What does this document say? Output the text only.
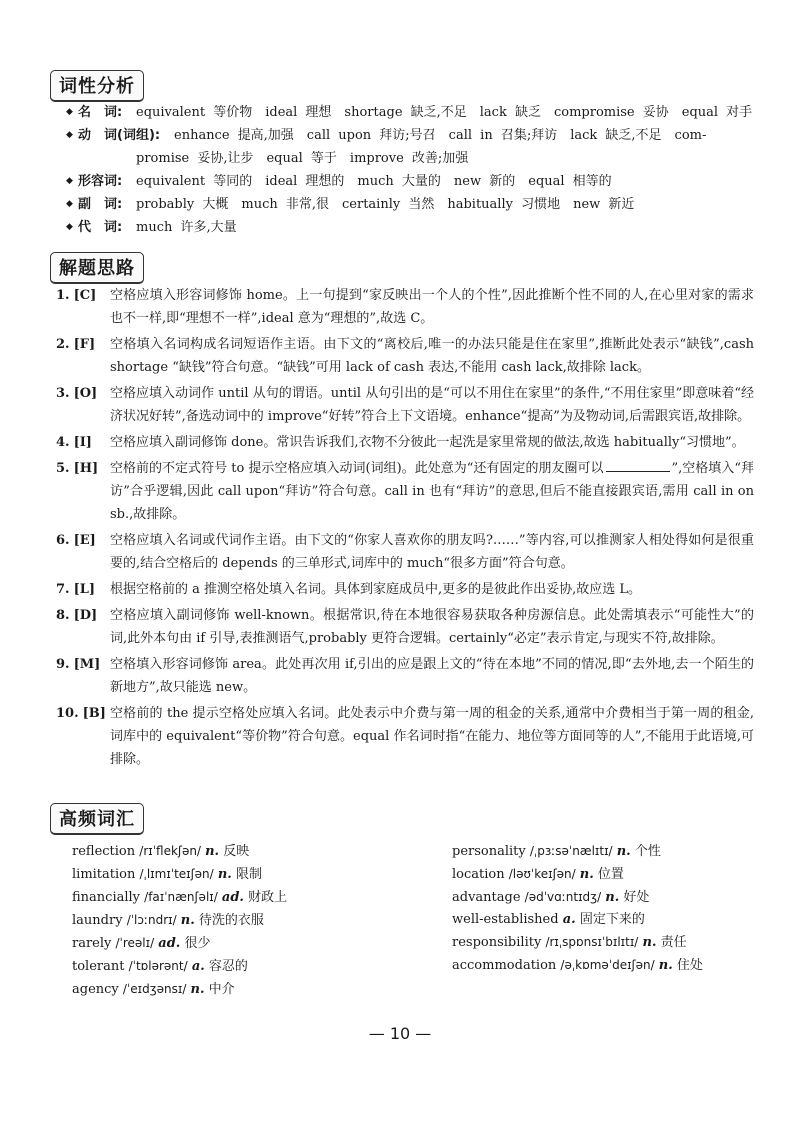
词性分析
◆ 名　词:	equivalent 等价物　ideal 理想　shortage 缺乏,不足　lack 缺乏　compromise 妥协　equal 对手
◆ 动　词(词组):	enhance 提高,加强　call upon 拜访;号召　call in 召集;拜访　lack 缺乏,不足　com-
promise 妥协,让步　equal 等于　improve 改善;加强
◆ 形容词:	equivalent 等同的　ideal 理想的　much 大量的　new 新的　equal 相等的
◆ 副　词:	probably 大概　much 非常,很　certainly 当然　habitually 习惯地　new 新近
◆ 代　词:	much 许多,大量
解题思路
1. [C]	空格应填入形容词修饰 home。上一句提到“家反映出一个人的个性”,因此推断个性不同的人,在心里对家的需求也不一样,即“理想不一样”,ideal 意为“理想的”,故选 C。
2. [F]	空格填入名词构成名词短语作主语。由下文的“离校后,唯一的办法只能是住在家里”,推断此处表示“缺钱”,cash shortage “缺钱”符合句意。“缺钱”可用 lack of cash 表达,不能用 cash lack,故排除 lack。
3. [O] 空格应填入动词作 until 从句的谓语。until 从句引出的是“可以不用住在家里”的条件,“不用住家里”即意味着“经济状况好转”,备选动词中的 improve“好转”符合上下文语境。enhance“提高”为及物动词,后需跟宾语,故排除。
4. [I]	空格应填入副词修饰 done。常识告诉我们,衣物不分彼此一起洗是家里常规的做法,故选 habitually“习惯地”。
5. [H] 空格前的不定式符号 to 提示空格应填入动词(词组)。此处意为“还有固定的朋友圈可以	”,空格填入“拜访”合乎逻辑,因此 call upon“拜访”符合句意。call in 也有“拜访”的意思,但后不能直接跟宾语,需用 call in on sb.,故排除。
6. [E]	空格应填入名词或代词作主语。由下文的“你家人喜欢你的朋友吗?……”等内容,可以推测家人相处得如何是很重要的,结合空格后的 depends 的三单形式,词库中的 much“很多方面”符合句意。
7. [L]	根据空格前的 a 推测空格处填入名词。具体到家庭成员中,更多的是彼此作出妥协,故应选 L。
8. [D] 空格应填入副词修饰 well-known。根据常识,待在本地很容易获取各种房源信息。此处需填表示“可能性大”的词,此外本句由 if 引导,表推测语气,probably 更符合逻辑。certainly“必定”表示肯定,与现实不符,故排除。
9. [M] 空格填入形容词修饰 area。此处再次用 if,引出的应是跟上文的“待在本地”不同的情况,即“去外地,去一个陌生的新地方”,故只能选 new。
10. [B] 空格前的 the 提示空格处应填入名词。此处表示中介费与第一周的租金的关系,通常中介费相当于第一周的租金,词库中的 equivalent“等价物”符合句意。equal 作名词时指“在能力、地位等方面同等的人”,不能用于此语境,可排除。
高频词汇
reflection /rɪˈflekʃən/ n. 反映
limitation /ˌlɪmɪˈteɪʃən/ n. 限制
financially /faɪˈnænʃəlɪ/ ad. 财政上
laundry /ˈlɔːndrɪ/ n. 待洗的衣服
rarely /ˈreəlɪ/ ad. 很少
tolerant /ˈtɒlərənt/ a. 容忍的
agency /ˈeɪdʒənsɪ/ n. 中介
personality /ˌpɜːsəˈnælɪtɪ/ n. 个性
location /ləʊˈkeɪʃən/ n. 位置
advantage /ədˈvɑːntɪdʒ/ n. 好处
well-established a. 固定下来的
responsibility /rɪˌspɒnsɪˈbɪlɪtɪ/ n. 责任
accommodation /əˌkɒməˈdeɪʃən/ n. 住处
— 10 —
